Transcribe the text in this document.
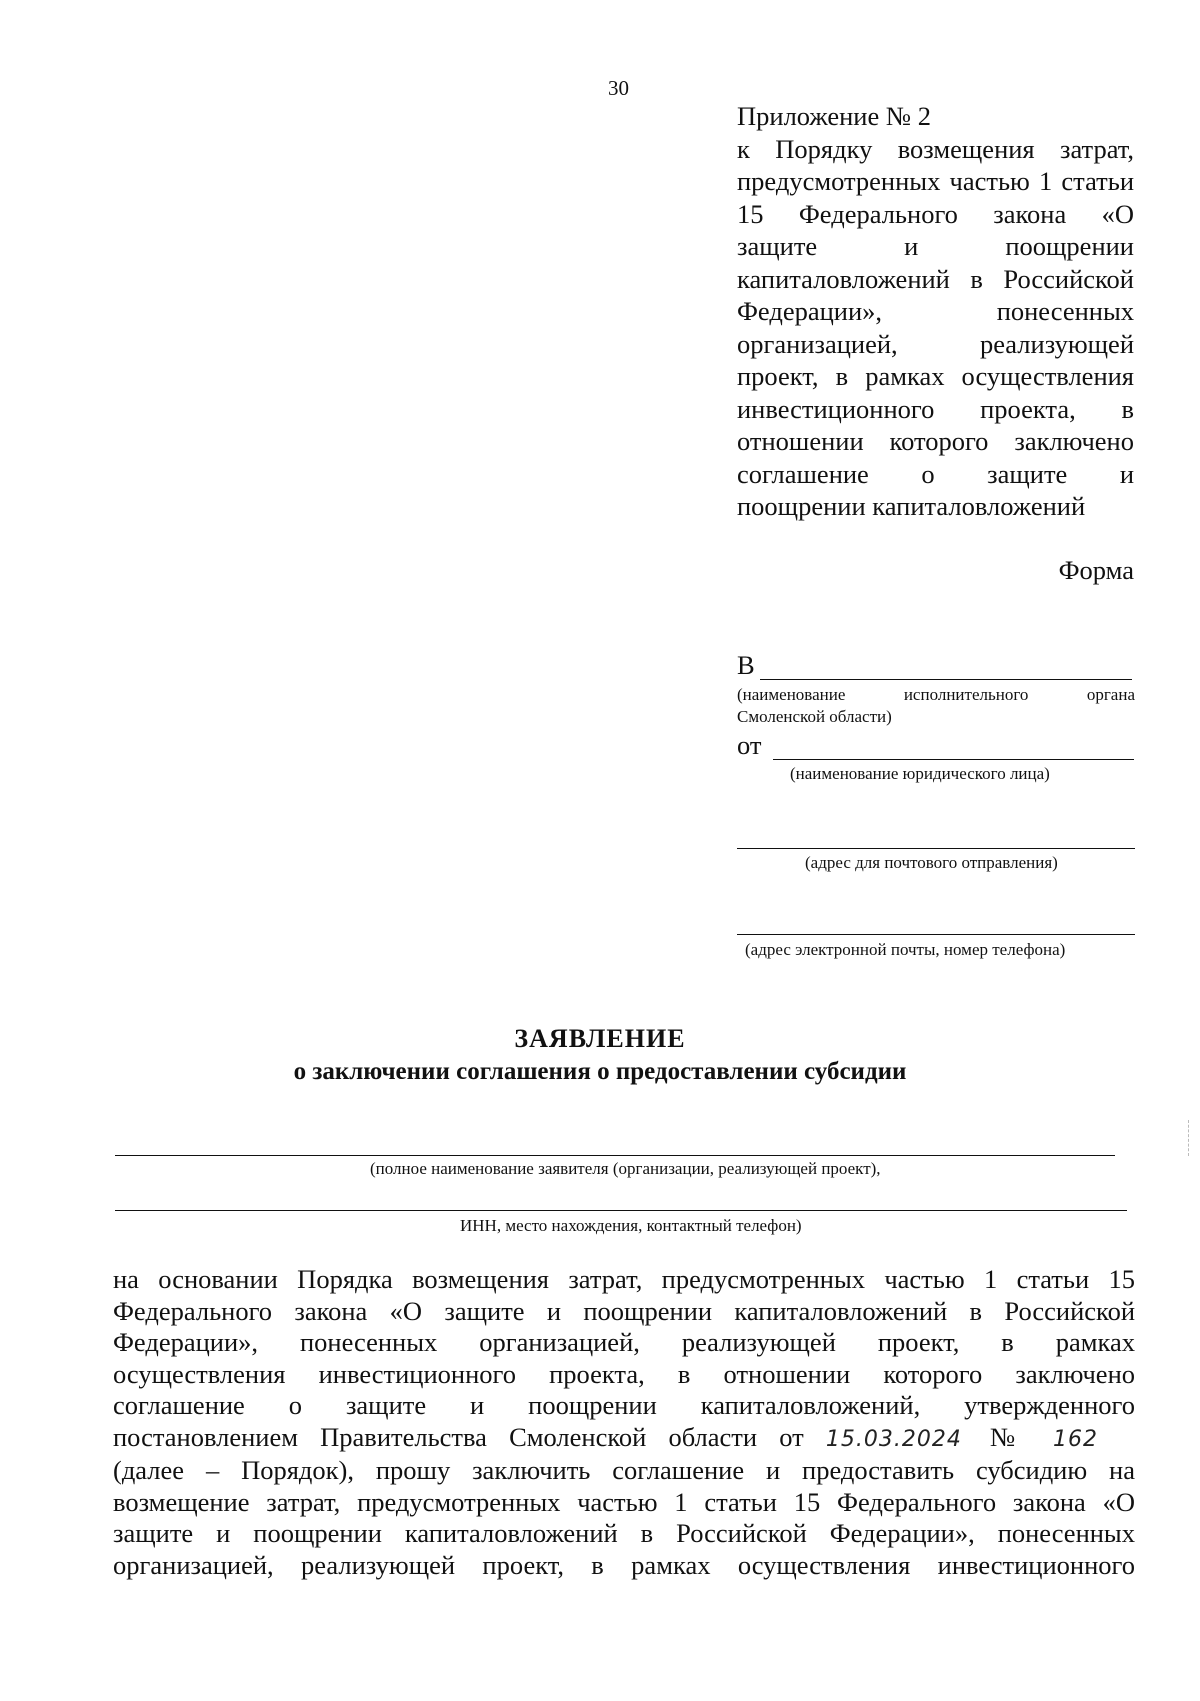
30
Приложение № 2
к Порядку возмещения затрат, предусмотренных частью 1 статьи 15 Федерального закона «О защите и поощрении капиталовложений в Российской Федерации», понесенных организацией, реализующей проект, в рамках осуществления инвестиционного проекта, в отношении которого заключено соглашение о защите и
поощрении капиталовложений
Форма
В
(наименование исполнительного органа
Смоленской области)
от
(наименование юридического лица)
(адрес для почтового отправления)
(адрес электронной почты, номер телефона)
ЗАЯВЛЕНИЕ
о заключении соглашения о предоставлении субсидии
(полное наименование заявителя (организации, реализующей проект),
ИНН, место нахождения, контактный телефон)
на основании Порядка возмещения затрат, предусмотренных частью 1 статьи 15
Федерального закона «О защите и поощрении капиталовложений в Российской
Федерации», понесенных организацией, реализующей проект, в рамках
осуществления инвестиционного проекта, в отношении которого заключено
соглашение о защите и поощрении капиталовложений, утвержденного
постановлением Правительства Смоленской области от 15.03.2024 № 162
(далее – Порядок), прошу заключить соглашение и предоставить субсидию на
возмещение затрат, предусмотренных частью 1 статьи 15 Федерального закона «О
защите и поощрении капиталовложений в Российской Федерации», понесенных
организацией, реализующей проект, в рамках осуществления инвестиционного
